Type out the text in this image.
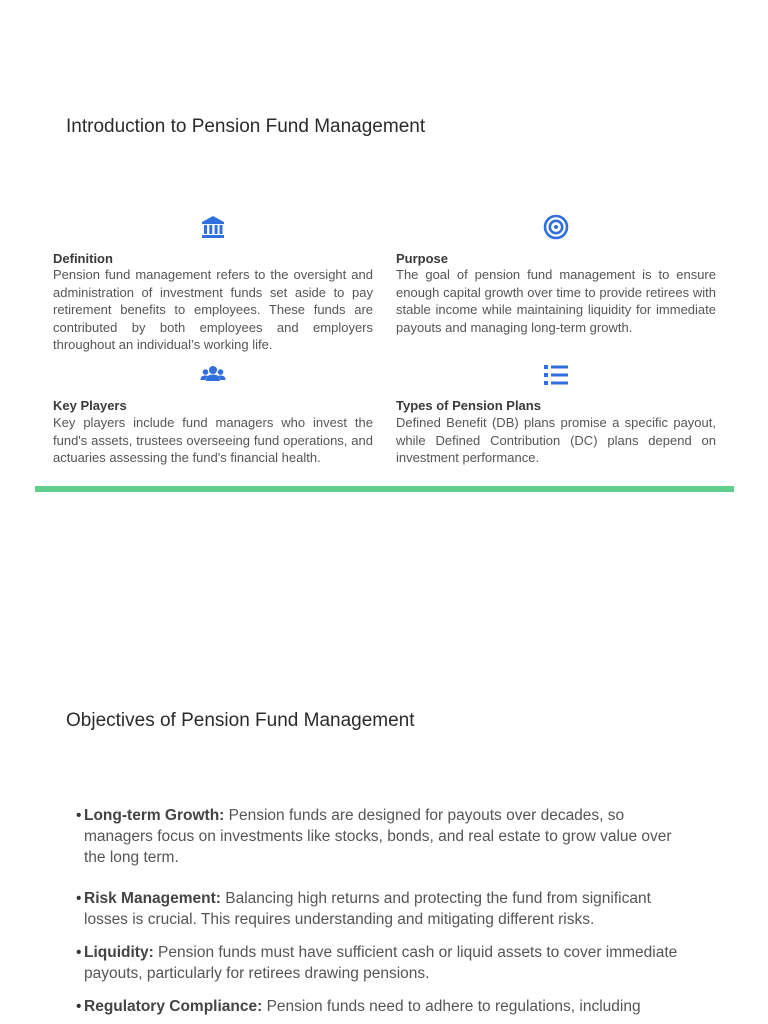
Introduction to Pension Fund Management
Definition
Pension fund management refers to the oversight and administration of investment funds set aside to pay retirement benefits to employees. These funds are contributed by both employees and employers throughout an individual’s working life.
Purpose
The goal of pension fund management is to ensure enough capital growth over time to provide retirees with stable income while maintaining liquidity for immediate payouts and managing long-term growth.
Key Players
Key players include fund managers who invest the fund's assets, trustees overseeing fund operations, and actuaries assessing the fund's financial health.
Types of Pension Plans
Defined Benefit (DB) plans promise a specific payout, while Defined Contribution (DC) plans depend on investment performance.
Objectives of Pension Fund Management
• Long-term Growth: Pension funds are designed for payouts over decades, so managers focus on investments like stocks, bonds, and real estate to grow value over the long term.
• Risk Management: Balancing high returns and protecting the fund from significant losses is crucial. This requires understanding and mitigating different risks.
• Liquidity: Pension funds must have sufficient cash or liquid assets to cover immediate payouts, particularly for retirees drawing pensions.
• Regulatory Compliance: Pension funds need to adhere to regulations, including
